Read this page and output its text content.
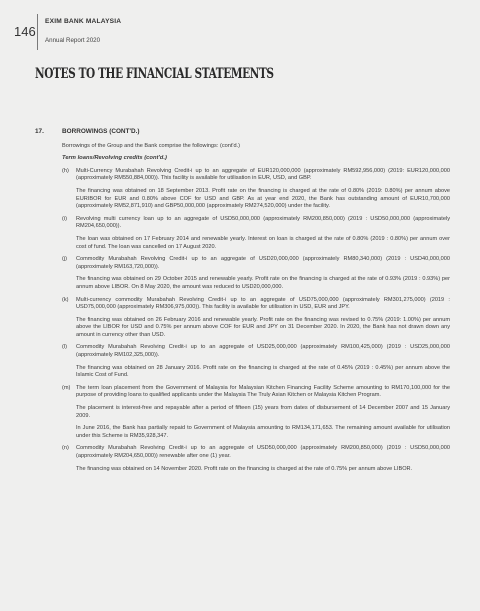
146
EXIM BANK MALAYSIA
Annual Report 2020
NOTES TO THE FINANCIAL STATEMENTS
17.	BORROWINGS (CONT'D.)
Borrowings of the Group and the Bank comprise the followings: (cont'd.)
Term loans/Revolving credits (cont'd.)
(h)	Multi-Currency Murabahah Revolving Credit-i up to an aggregate of EUR120,000,000 (approximately RM592,956,000) (2019: EUR120,000,000 (approximately RM550,884,000)). This facility is available for utilisation in EUR, USD, and GBP.

The financing was obtained on 18 September 2013. Profit rate on the financing is charged at the rate of 0.80% (2019: 0.80%) per annum above EURIBOR for EUR and 0.80% above COF for USD and GBP. As at year end 2020, the Bank has outstanding amount of EUR10,700,000 (approximately RM52,871,910) and GBP50,000,000 (approximately RM274,520,000) under the facility.

(i)	Revolving multi currency loan up to an aggregate of USD50,000,000 (approximately RM200,850,000) (2019 : USD50,000,000 (approximately RM204,650,000)).

The loan was obtained on 17 February 2014 and renewable yearly. Interest on loan is charged at the rate of 0.80% (2019 : 0.80%) per annum over cost of fund. The loan was cancelled on 17 August 2020.

(j)	Commodity Murabahah Revolving Credit-i up to an aggregate of USD20,000,000 (approximately RM80,340,000) (2019 : USD40,000,000 (approximately RM163,720,000)).

The financing was obtained on 29 October 2015 and renewable yearly. Profit rate on the financing is charged at the rate of 0.93% (2019 : 0.93%) per annum above LIBOR. On 8 May 2020, the amount was reduced to USD20,000,000.

(k)	Multi-currency commodity Murabahah Revolving Credit-i up to an aggregate of USD75,000,000 (approximately RM301,275,000) (2019 : USD75,000,000 (approximately RM306,975,000)). This facility is available for utilisation in USD, EUR and JPY.

The financing was obtained on 26 February 2016 and renewable yearly. Profit rate on the financing was revised to 0.75% (2019: 1.00%) per annum above the LIBOR for USD and 0.75% per annum above COF for EUR and JPY on 31 December 2020. In 2020, the Bank has not drawn down any amount in currency other than USD.

(l)	Commodity Murabahah Revolving Credit-i up to an aggregate of USD25,000,000 (approximately RM100,425,000) (2019 : USD25,000,000 (approximately RM102,325,000)).

The financing was obtained on 28 January 2016. Profit rate on the financing is charged at the rate of 0.45% (2019 : 0.45%) per annum above the Islamic Cost of Fund.

(m)	The term loan placement from the Government of Malaysia for Malaysian Kitchen Financing Facility Scheme amounting to RM170,100,000 for the purpose of providing loans to qualified applicants under the Malaysia The Truly Asian Kitchen or Malaysia Kitchen Program.

The placement is interest-free and repayable after a period of fifteen (15) years from dates of disbursement of 14 December 2007 and 15 January 2009.

In June 2016, the Bank has partially repaid to Government of Malaysia amounting to RM134,171,653. The remaining amount available for utilisation under this Scheme is RM35,928,347.

(n)	Commodity Murabahah Revolving Credit-i up to an aggregate of USD50,000,000 (approximately RM200,850,000) (2019 : USD50,000,000 (approximately RM204,650,000)) renewable after one (1) year.

The financing was obtained on 14 November 2020. Profit rate on the financing is charged at the rate of 0.75% per annum above LIBOR.
